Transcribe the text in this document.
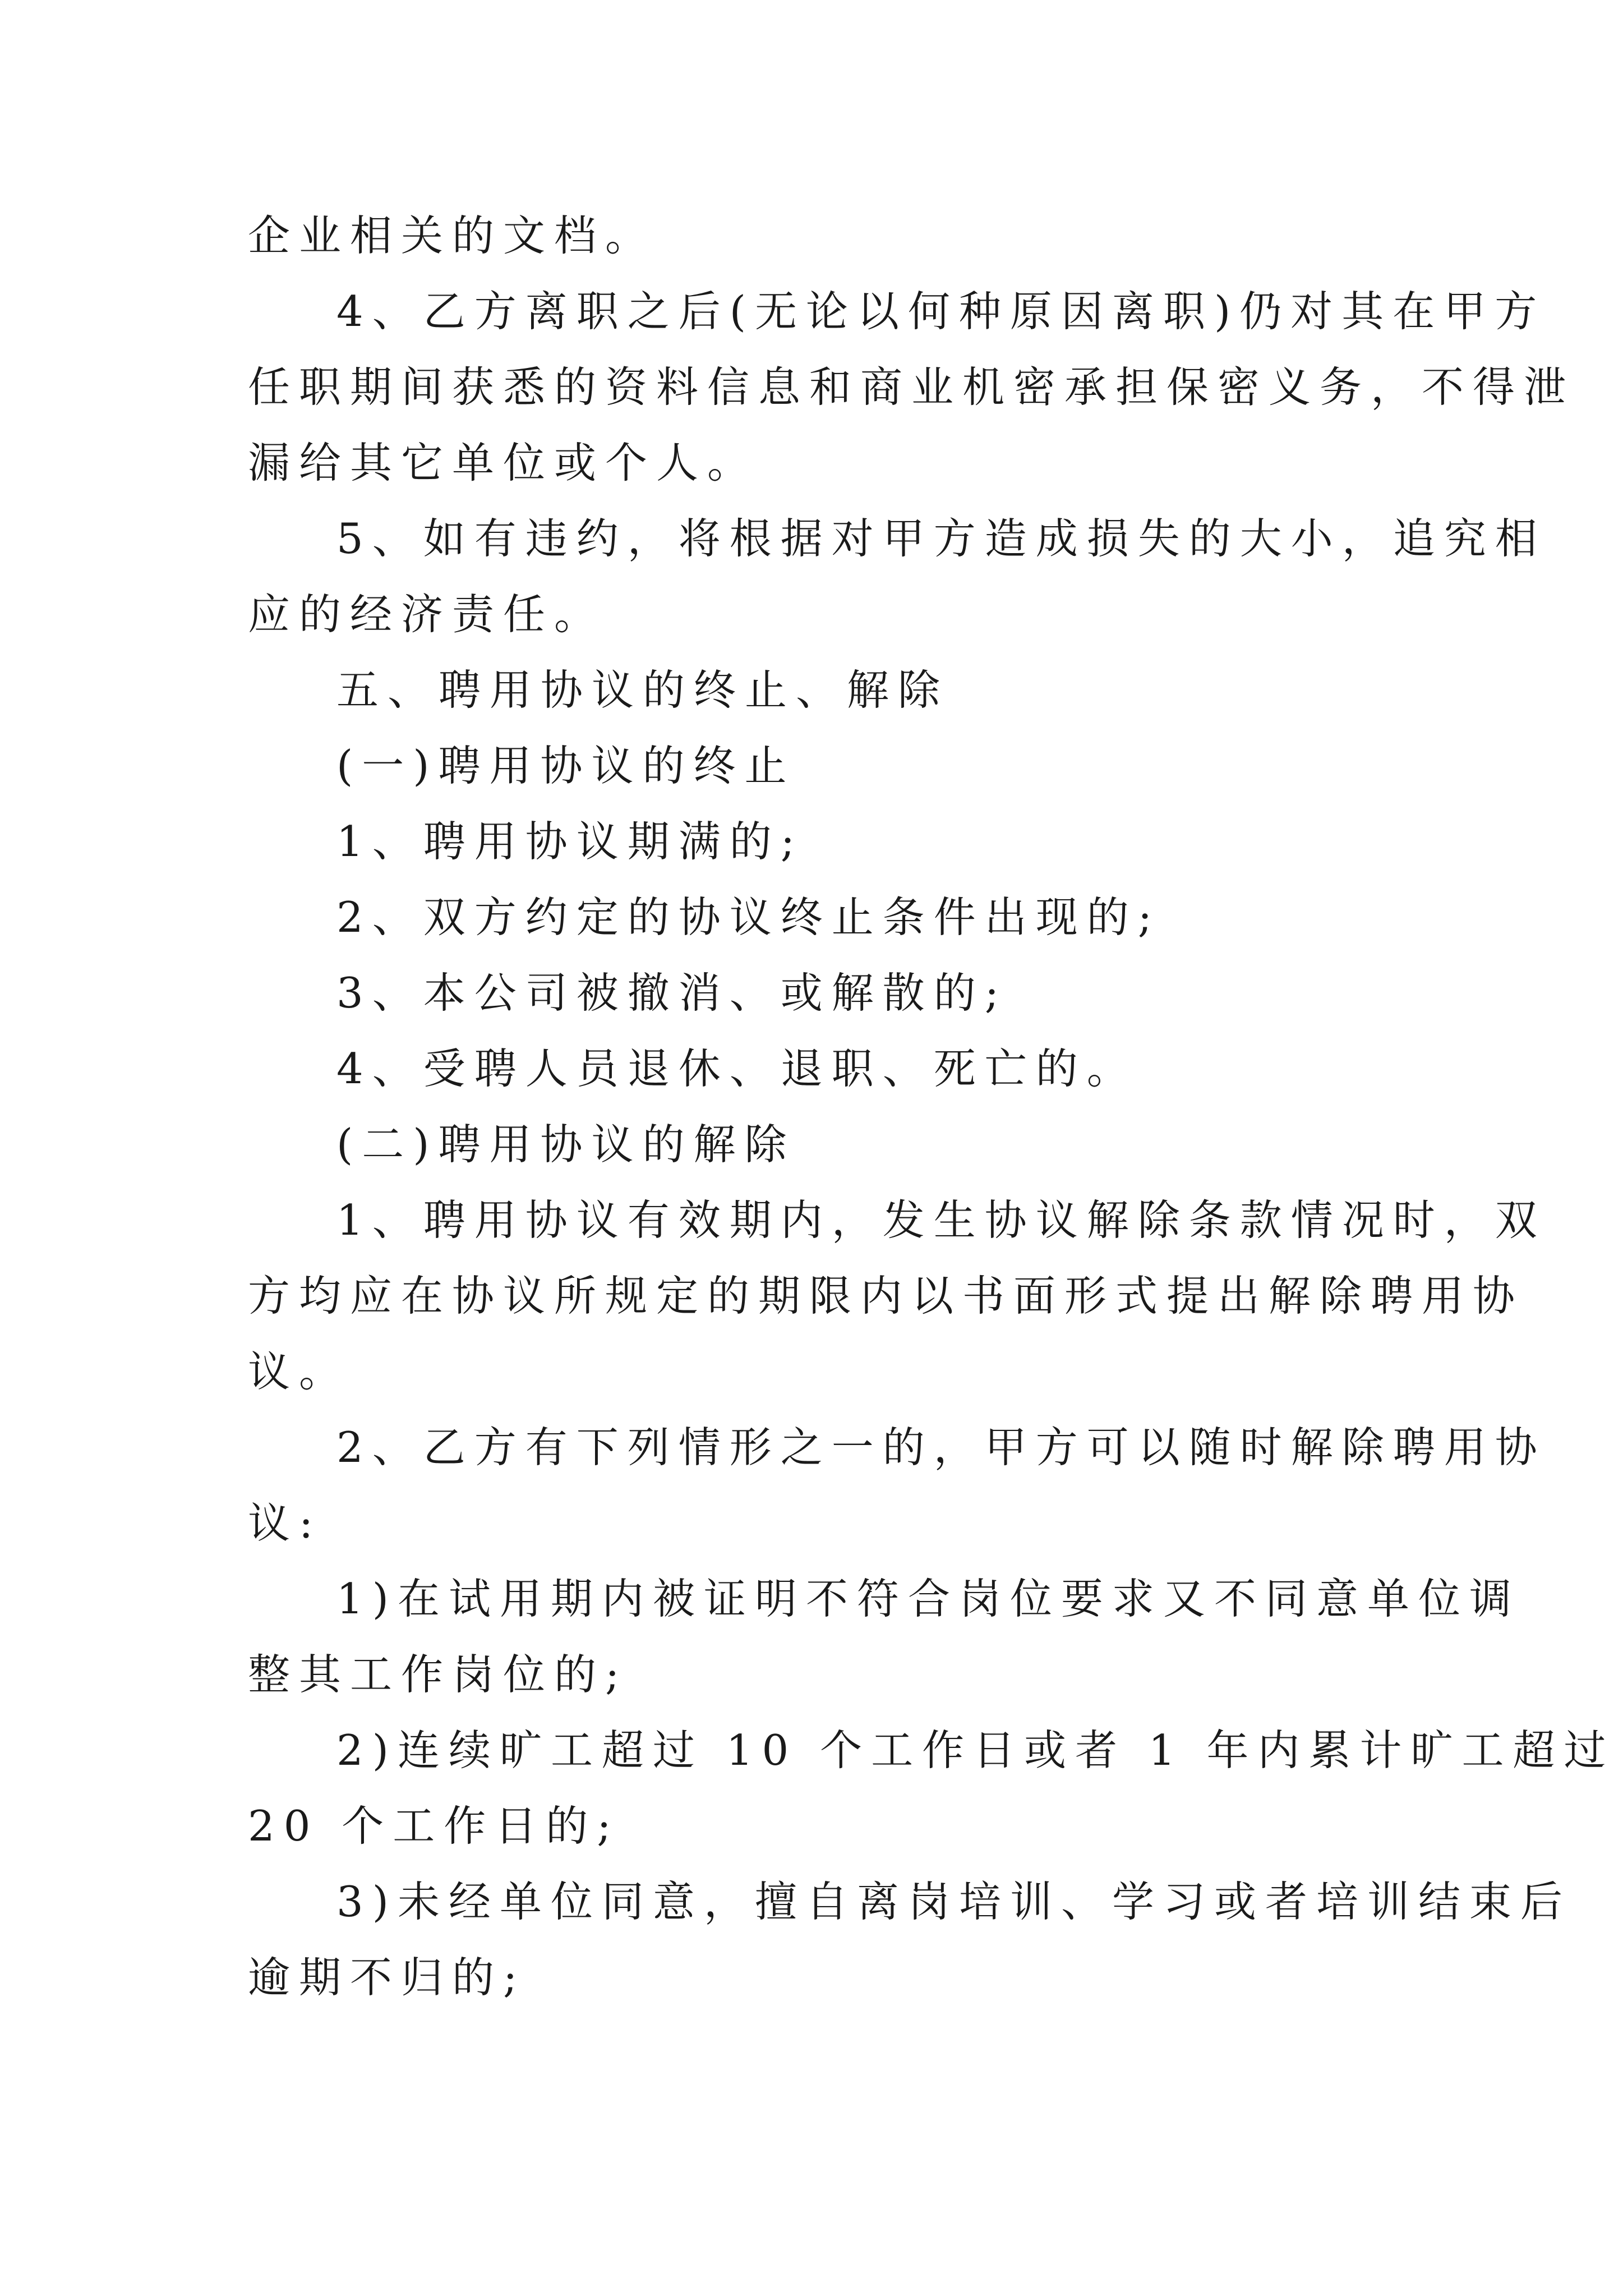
企业相关的文档。
4、乙方离职之后(无论以何种原因离职)仍对其在甲方
任职期间获悉的资料信息和商业机密承担保密义务，不得泄
漏给其它单位或个人。
5、如有违约，将根据对甲方造成损失的大小，追究相
应的经济责任。
五、聘用协议的终止、解除
(一)聘用协议的终止
1、聘用协议期满的;
2、双方约定的协议终止条件出现的;
3、本公司被撤消、或解散的;
4、受聘人员退休、退职、死亡的。
(二)聘用协议的解除
1、聘用协议有效期内，发生协议解除条款情况时，双
方均应在协议所规定的期限内以书面形式提出解除聘用协
议。
2、乙方有下列情形之一的，甲方可以随时解除聘用协
议:
1)在试用期内被证明不符合岗位要求又不同意单位调
整其工作岗位的;
2)连续旷工超过 10 个工作日或者 1 年内累计旷工超过
20 个工作日的;
3)未经单位同意，擅自离岗培训、学习或者培训结束后
逾期不归的;
